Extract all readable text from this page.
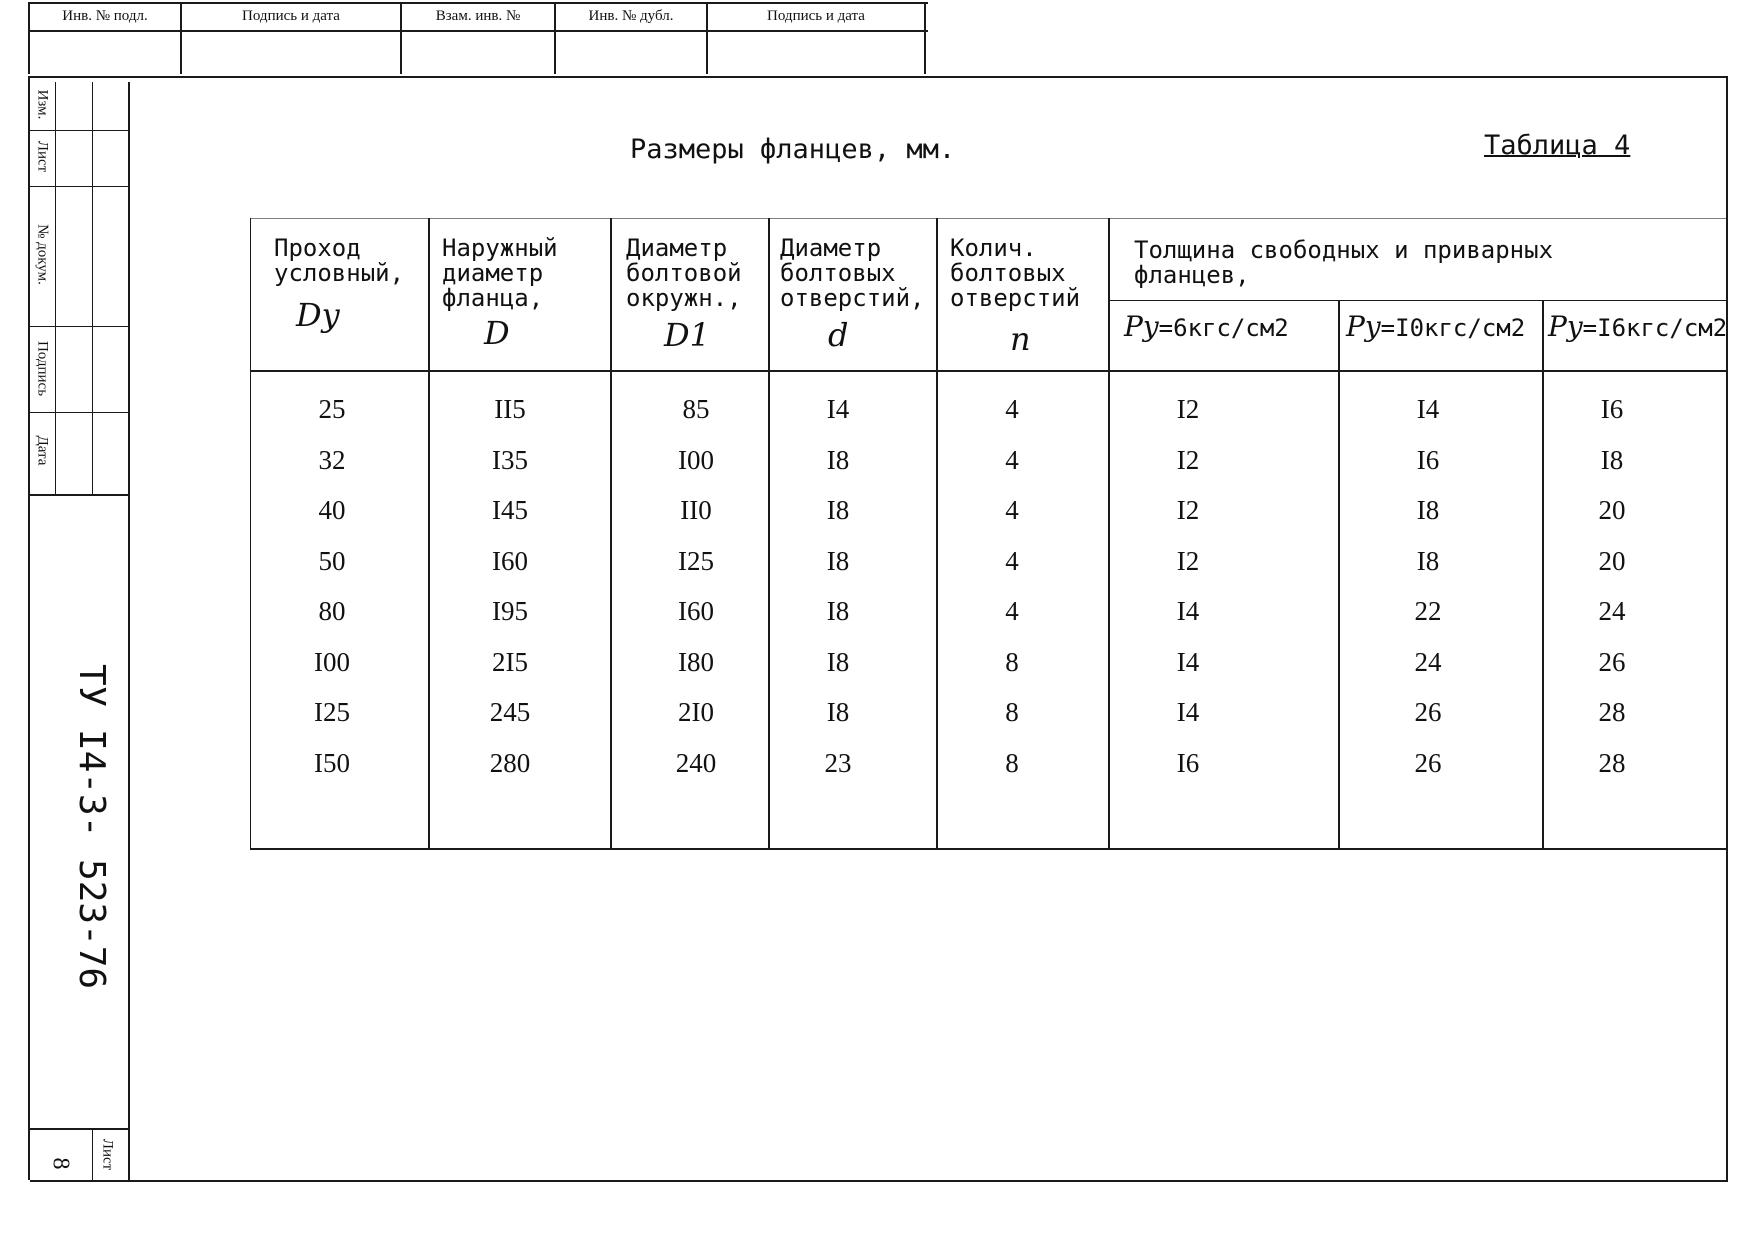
Инв. № подл.	Подпись и дата	Взам. инв. №	Инв. № дубл.	Подпись и дата
Изм.
Лист
№ докум.
Подпись
Дата
ТУ I4-3- 523-76
Лист
8
Размеры фланцев, мм.	Таблица 4
Проход
условный,
Dy
Наружный
диаметр
фланца,
D
Диаметр
болтовой
окружн.,
D1
Диаметр
болтовых
отверстий,
d
Колич.
болтовых
отверстий
n
Толщина свободных и приварных
фланцев,
Py=6кгс/см2 Py=I0кгс/см2 Py=I6кгс/см2
25	II5	85	I4	4	I2	I4	I6
32	I35	I00	I8	4	I2	I6	I8
40	I45	II0	I8	4	I2	I8	20
50	I60	I25	I8	4	I2	I8	20
80	I95	I60	I8	4	I4	22	24
I00	2I5	I80	I8	8	I4	24	26
I25	245	2I0	I8	8	I4	26	28
I50	280	240	23	8	I6	26	28
